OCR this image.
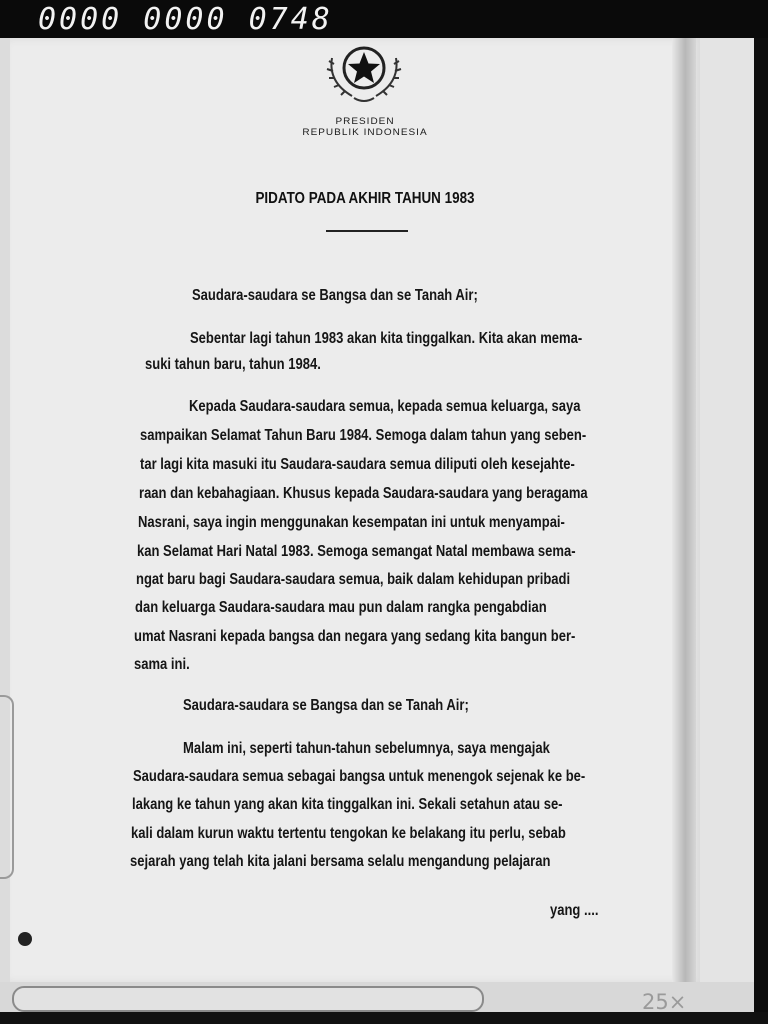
0000 0000 0748
25×
PRESIDEN
REPUBLIK INDONESIA
PIDATO PADA AKHIR TAHUN 1983
Saudara-saudara se Bangsa dan se Tanah Air;
Sebentar lagi tahun 1983 akan kita tinggalkan. Kita akan mema-
suki tahun baru, tahun 1984.
Kepada Saudara-saudara semua, kepada semua keluarga, saya
sampaikan Selamat Tahun Baru 1984. Semoga dalam tahun yang seben-
tar lagi kita masuki itu Saudara-saudara semua diliputi oleh kesejahte-
raan dan kebahagiaan. Khusus kepada Saudara-saudara yang beragama
Nasrani, saya ingin menggunakan kesempatan ini untuk menyampai-
kan Selamat Hari Natal 1983. Semoga semangat Natal membawa sema-
ngat baru bagi Saudara-saudara semua, baik dalam kehidupan pribadi
dan keluarga Saudara-saudara mau pun dalam rangka pengabdian
umat Nasrani kepada bangsa dan negara yang sedang kita bangun ber-
sama ini.
Saudara-saudara se Bangsa dan se Tanah Air;
Malam ini, seperti tahun-tahun sebelumnya, saya mengajak
Saudara-saudara semua sebagai bangsa untuk menengok sejenak ke be-
lakang ke tahun yang akan kita tinggalkan ini. Sekali setahun atau se-
kali dalam kurun waktu tertentu tengokan ke belakang itu perlu, sebab
sejarah yang telah kita jalani bersama selalu mengandung pelajaran
yang ....
